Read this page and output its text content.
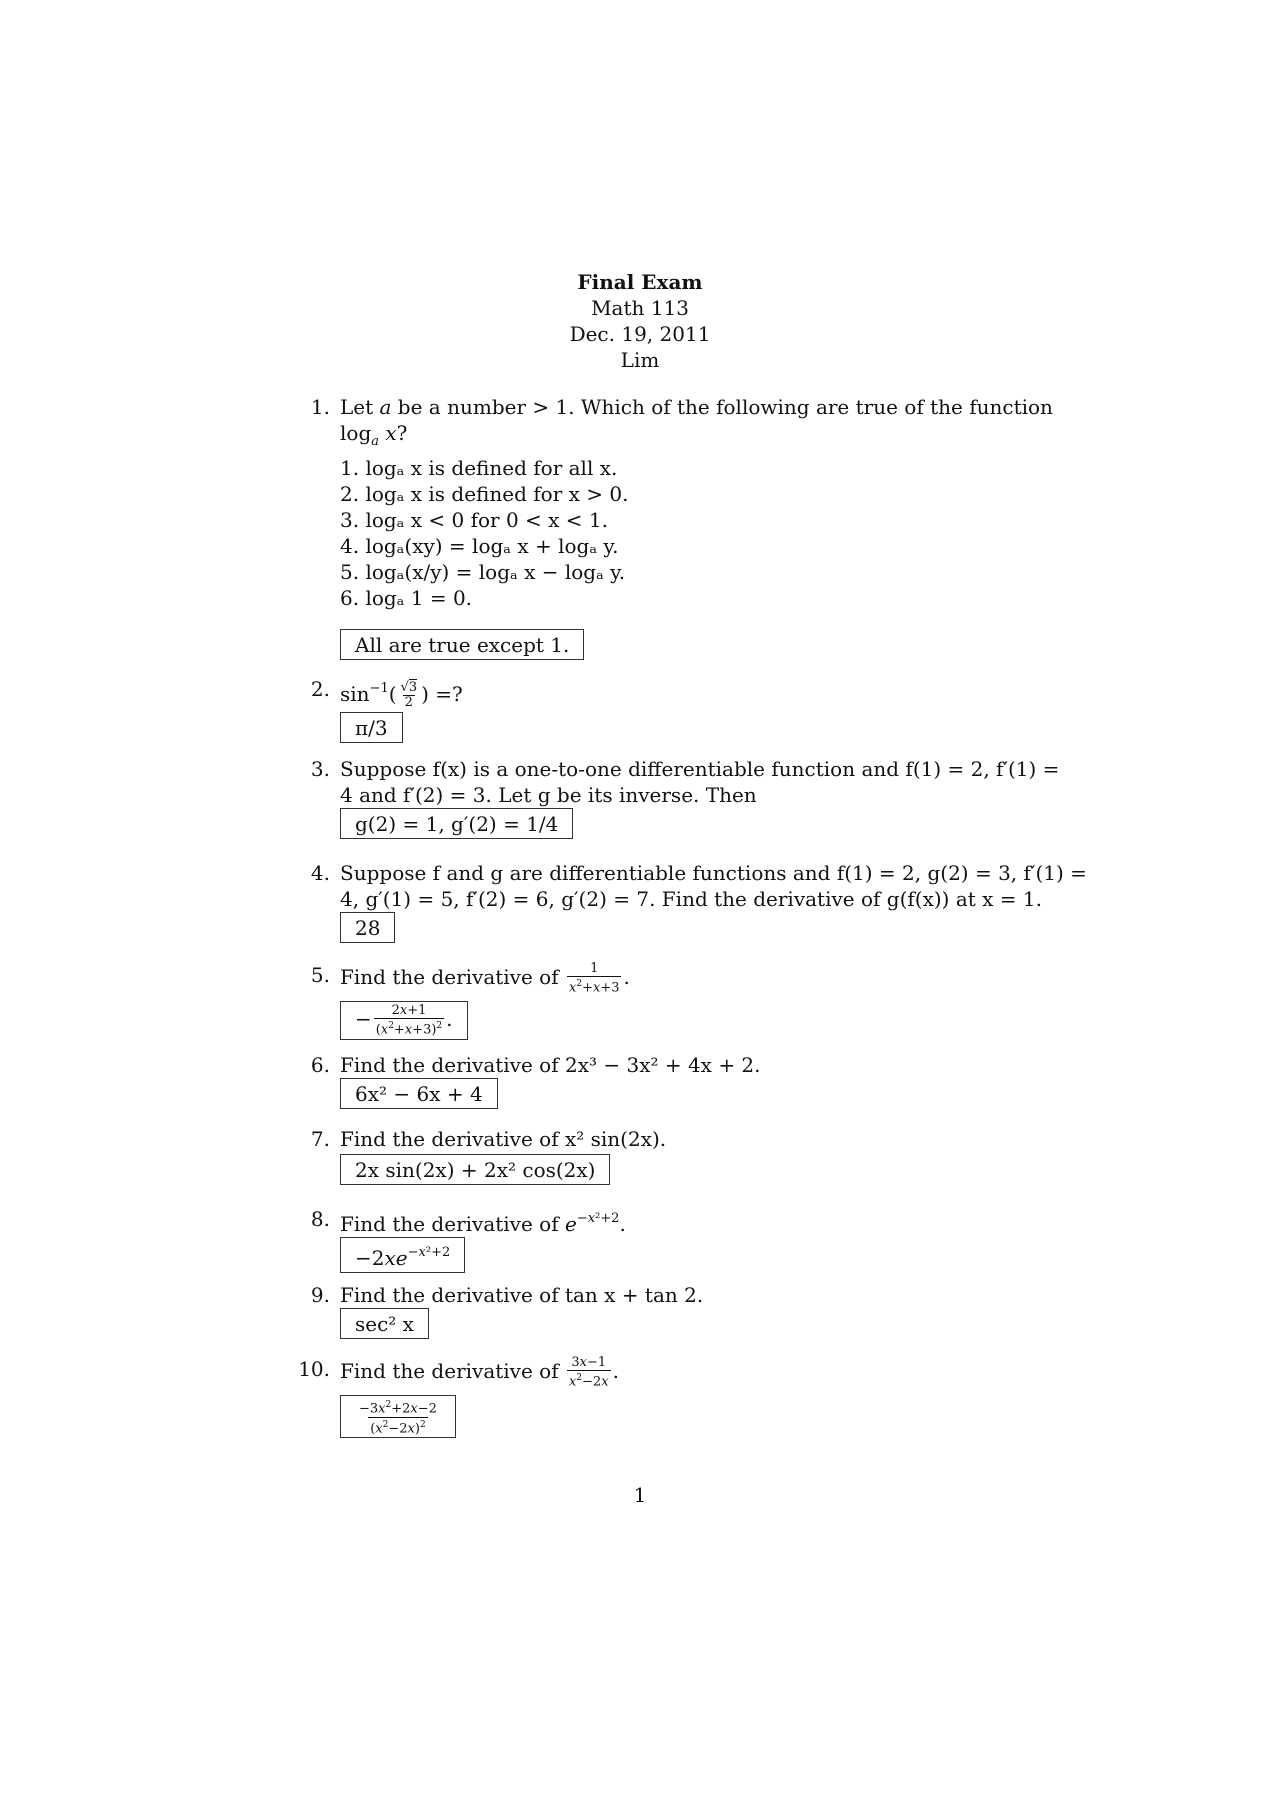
Final Exam
Math 113
Dec. 19, 2011
Lim
1. Let a be a number > 1. Which of the following are true of the function
$\log_a x$?
1. logₐ x is defined for all x.
2. logₐ x is defined for x > 0.
3. logₐ x < 0 for 0 < x < 1.
4. logₐ(xy) = logₐ x + logₐ y.
5. logₐ(x/y) = logₐ x − logₐ y.
6. logₐ 1 = 0.
All are true except 1.
2. $\sin^{-1}( \frac{√3}{2}$ ) =?
π/3
3. Suppose f(x) is a one-to-one differentiable function and f(1) = 2, f′(1) =
4 and f′(2) = 3. Let g be its inverse. Then
g(2) = 1, g′(2) = 1/4
4. Suppose f and g are differentiable functions and f(1) = 2, g(2) = 3, f′(1) =
4, g′(1) = 5, f′(2) = 6, g′(2) = 7. Find the derivative of g(f(x)) at x = 1.
28
5. Find the derivative of $\frac{1}{x^2+x+3}$ .
− $\frac{2x+1}{(x^2+x+3)^2}$ .
6. Find the derivative of 2x³ − 3x² + 4x + 2.
6x² − 6x + 4
7. Find the derivative of x² sin(2x).
2x sin(2x) + 2x² cos(2x)
8. Find the derivative of $e^{-x^2+2}$.
$-2xe^{-x^2+2}$
9. Find the derivative of tan x + tan 2.
sec² x
10. Find the derivative of $\frac{3x-1}{x^2-2x}$ .
$\frac{-3x^2+2x-2}{(x^2-2x)^2}$
1
